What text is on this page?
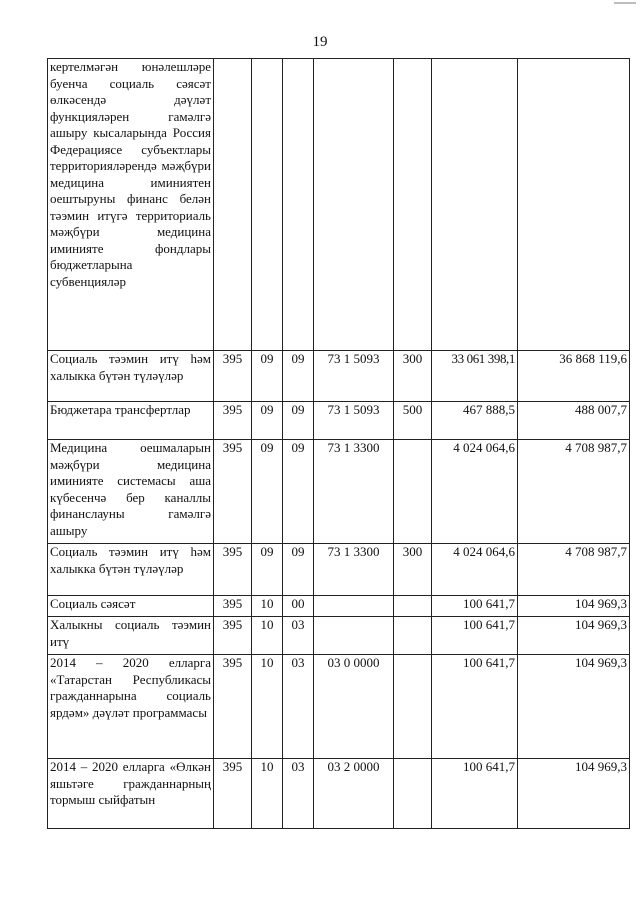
19
кертелмәгән юнәлешләре буенча социаль сәясәт өлкәсендә дәүләт функцияләрен гамәлгә ашыру кысаларында Россия Федерациясе субъектлары территорияләрендә мәҗбүри медицина иминиятен оештыруны финанс белән тәэмин итүгә территориаль мәҗбүри медицина иминияте фондлары бюджетларына субвенцияләр							
Социаль тәэмин итү һәм халыкка бүтән түләүләр	395	09	09	73 1 5093	300	33 061 398,1	36 868 119,6
Бюджетара трансфертлар	395	09	09	73 1 5093	500	467 888,5	488 007,7
Медицина оешмаларын мәҗбүри медицина иминияте системасы аша күбесенчә бер каналлы финанслауны гамәлгә ашыру	395	09	09	73 1 3300		4 024 064,6	4 708 987,7
Социаль тәэмин итү һәм халыкка бүтән түләүләр	395	09	09	73 1 3300	300	4 024 064,6	4 708 987,7
Социаль сәясәт	395	10	00			100 641,7	104 969,3
Халыкны социаль тәэмин итү	395	10	03			100 641,7	104 969,3
2014 – 2020 елларга «Татарстан Республикасы гражданнарына социаль ярдәм» дәүләт программасы	395	10	03	03 0 0000		100 641,7	104 969,3
2014 – 2020 елларга «Өлкән яшьтәге гражданнарның тормыш сыйфатын	395	10	03	03 2 0000		100 641,7	104 969,3
